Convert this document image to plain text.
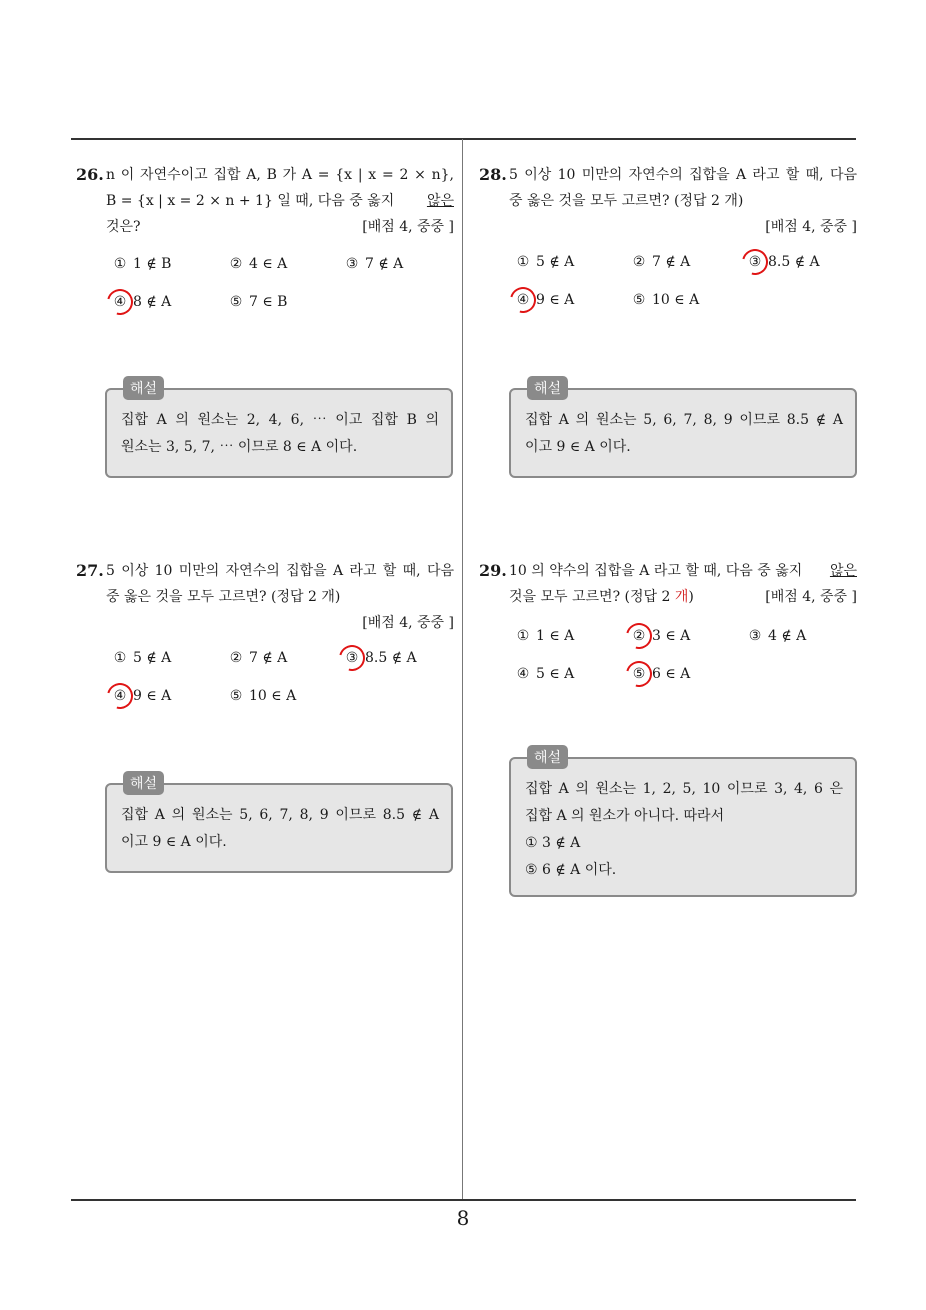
26. n 이 자연수이고 집합 A, B 가 A = {x | x = 2 × n},
B = {x | x = 2 × n + 1} 일 때, 다음 중 옳지 않은
것은?	[배점 4, 중중 ]
① 1 ∉ B	② 4 ∈ A	③ 7 ∉ A
④ 8 ∉ A	⑤ 7 ∈ B
해설
집합 A 의 원소는 2, 4, 6, ⋯ 이고 집합 B 의
원소는 3, 5, 7, ⋯ 이므로 8 ∈ A 이다.
27. 5 이상 10 미만의 자연수의 집합을 A 라고 할 때, 다음
중 옳은 것을 모두 고르면? (정답 2 개)
[배점 4, 중중 ]
① 5 ∉ A	② 7 ∉ A	③ 8.5 ∉ A
④ 9 ∈ A	⑤ 10 ∈ A
해설
집합 A 의 원소는 5, 6, 7, 8, 9 이므로 8.5 ∉ A
이고 9 ∈ A 이다.
28. 5 이상 10 미만의 자연수의 집합을 A 라고 할 때, 다음
중 옳은 것을 모두 고르면? (정답 2 개)
[배점 4, 중중 ]
① 5 ∉ A	② 7 ∉ A	③ 8.5 ∉ A
④ 9 ∈ A	⑤ 10 ∈ A
해설
집합 A 의 원소는 5, 6, 7, 8, 9 이므로 8.5 ∉ A
이고 9 ∈ A 이다.
29. 10 의 약수의 집합을 A 라고 할 때, 다음 중 옳지 않은
것을 모두 고르면? (정답 2 개)	[배점 4, 중중 ]
① 1 ∈ A	② 3 ∈ A	③ 4 ∉ A
④ 5 ∈ A	⑤ 6 ∈ A
해설
집합 A 의 원소는 1, 2, 5, 10 이므로 3, 4, 6 은
집합 A 의 원소가 아니다. 따라서
① 3 ∉ A
⑤ 6 ∉ A 이다.
8
